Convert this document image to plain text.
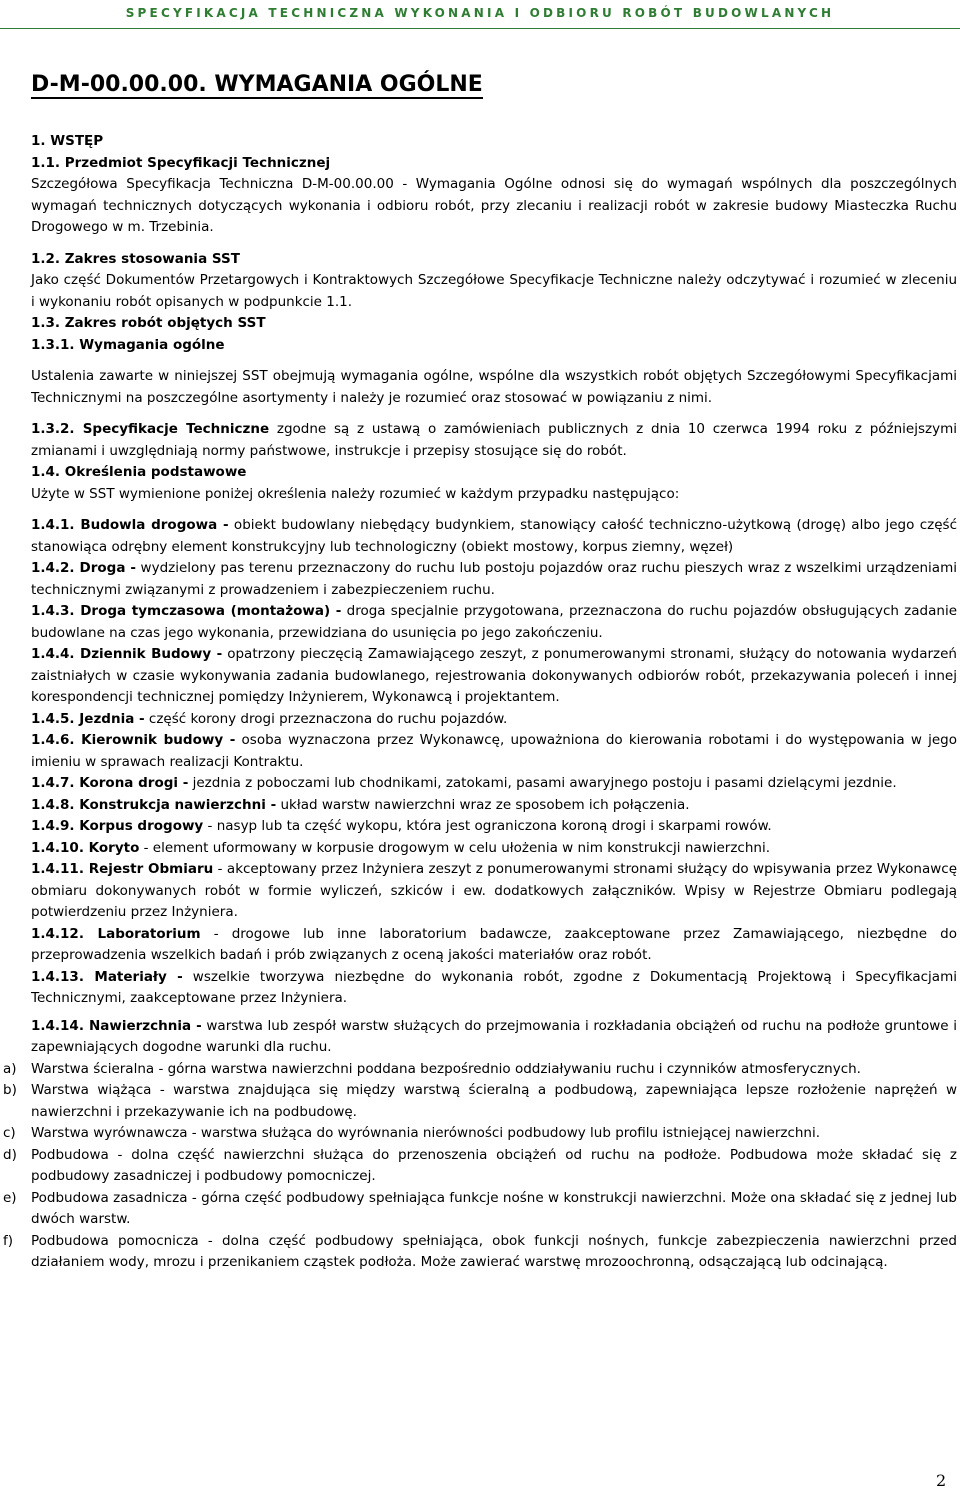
SPECYFIKACJA TECHNICZNA WYKONANIA I ODBIORU ROBÓT BUDOWLANYCH
D-M-00.00.00. WYMAGANIA OGÓLNE

1. WSTĘP

1.1. Przedmiot Specyfikacji Technicznej

Szczegółowa Specyfikacja Techniczna D-M-00.00.00 - Wymagania Ogólne odnosi się do wymagań wspólnych dla poszczególnych wymagań technicznych dotyczących wykonania i odbioru robót, przy zlecaniu i realizacji robót w zakresie budowy Miasteczka Ruchu Drogowego w m. Trzebinia.

1.2. Zakres stosowania SST

Jako część Dokumentów Przetargowych i Kontraktowych Szczegółowe Specyfikacje Techniczne należy odczytywać i rozumieć w zleceniu i wykonaniu robót opisanych w podpunkcie 1.1.

1.3. Zakres robót objętych SST

1.3.1. Wymagania ogólne

Ustalenia zawarte w niniejszej SST obejmują wymagania ogólne, wspólne dla wszystkich robót objętych Szczegółowymi Specyfikacjami Technicznymi na poszczególne asortymenty i należy je rozumieć oraz stosować w powiązaniu z nimi.

1.3.2. Specyfikacje Techniczne zgodne są z ustawą o zamówieniach publicznych z dnia 10 czerwca 1994 roku z późniejszymi zmianami i uwzględniają normy państwowe, instrukcje i przepisy stosujące się do robót.

1.4. Określenia podstawowe

Użyte w SST wymienione poniżej określenia należy rozumieć w każdym przypadku następująco:

1.4.1. Budowla drogowa - obiekt budowlany niebędący budynkiem, stanowiący całość techniczno-użytkową (drogę) albo jego część stanowiąca odrębny element konstrukcyjny lub technologiczny (obiekt mostowy, korpus ziemny, węzeł)

1.4.2. Droga - wydzielony pas terenu przeznaczony do ruchu lub postoju pojazdów oraz ruchu pieszych wraz z wszelkimi urządzeniami technicznymi związanymi z prowadzeniem i zabezpieczeniem ruchu.

1.4.3. Droga tymczasowa (montażowa) - droga specjalnie przygotowana, przeznaczona do ruchu pojazdów obsługujących zadanie budowlane na czas jego wykonania, przewidziana do usunięcia po jego zakończeniu.

1.4.4. Dziennik Budowy - opatrzony pieczęcią Zamawiającego zeszyt, z ponumerowanymi stronami, służący do notowania wydarzeń zaistniałych w czasie wykonywania zadania budowlanego, rejestrowania dokonywanych odbiorów robót, przekazywania poleceń i innej korespondencji technicznej pomiędzy Inżynierem, Wykonawcą i projektantem.

1.4.5. Jezdnia - część korony drogi przeznaczona do ruchu pojazdów.

1.4.6. Kierownik budowy - osoba wyznaczona przez Wykonawcę, upoważniona do kierowania robotami i do występowania w jego imieniu w sprawach realizacji Kontraktu.

1.4.7. Korona drogi - jezdnia z poboczami lub chodnikami, zatokami, pasami awaryjnego postoju i pasami dzielącymi jezdnie.

1.4.8. Konstrukcja nawierzchni - układ warstw nawierzchni wraz ze sposobem ich połączenia.

1.4.9. Korpus drogowy - nasyp lub ta część wykopu, która jest ograniczona koroną drogi i skarpami rowów.

1.4.10. Koryto - element uformowany w korpusie drogowym w celu ułożenia w nim konstrukcji nawierzchni.

1.4.11. Rejestr Obmiaru - akceptowany przez Inżyniera zeszyt z ponumerowanymi stronami służący do wpisywania przez Wykonawcę obmiaru dokonywanych robót w formie wyliczeń, szkiców i ew. dodatkowych załączników. Wpisy w Rejestrze Obmiaru podlegają potwierdzeniu przez Inżyniera.

1.4.12. Laboratorium - drogowe lub inne laboratorium badawcze, zaakceptowane przez Zamawiającego, niezbędne do przeprowadzenia wszelkich badań i prób związanych z oceną jakości materiałów oraz robót.

1.4.13. Materiały - wszelkie tworzywa niezbędne do wykonania robót, zgodne z Dokumentacją Projektową i Specyfikacjami Technicznymi, zaakceptowane przez Inżyniera.

1.4.14. Nawierzchnia - warstwa lub zespół warstw służących do przejmowania i rozkładania obciążeń od ruchu na podłoże gruntowe i zapewniających dogodne warunki dla ruchu.

a) Warstwa ścieralna - górna warstwa nawierzchni poddana bezpośrednio oddziaływaniu ruchu i czynników atmosferycznych.

b) Warstwa wiążąca - warstwa znajdująca się między warstwą ścieralną a podbudową, zapewniająca lepsze rozłożenie naprężeń w nawierzchni i przekazywanie ich na podbudowę.

c) Warstwa wyrównawcza - warstwa służąca do wyrównania nierówności podbudowy lub profilu istniejącej nawierzchni.

d) Podbudowa - dolna część nawierzchni służąca do przenoszenia obciążeń od ruchu na podłoże. Podbudowa może składać się z podbudowy zasadniczej i podbudowy pomocniczej.

e) Podbudowa zasadnicza - górna część podbudowy spełniająca funkcje nośne w konstrukcji nawierzchni. Może ona składać się z jednej lub dwóch warstw.

f) Podbudowa pomocnicza - dolna część podbudowy spełniająca, obok funkcji nośnych, funkcje zabezpieczenia nawierzchni przed działaniem wody, mrozu i przenikaniem cząstek podłoża. Może zawierać warstwę mrozoochronną, odsączającą lub odcinającą.

2
